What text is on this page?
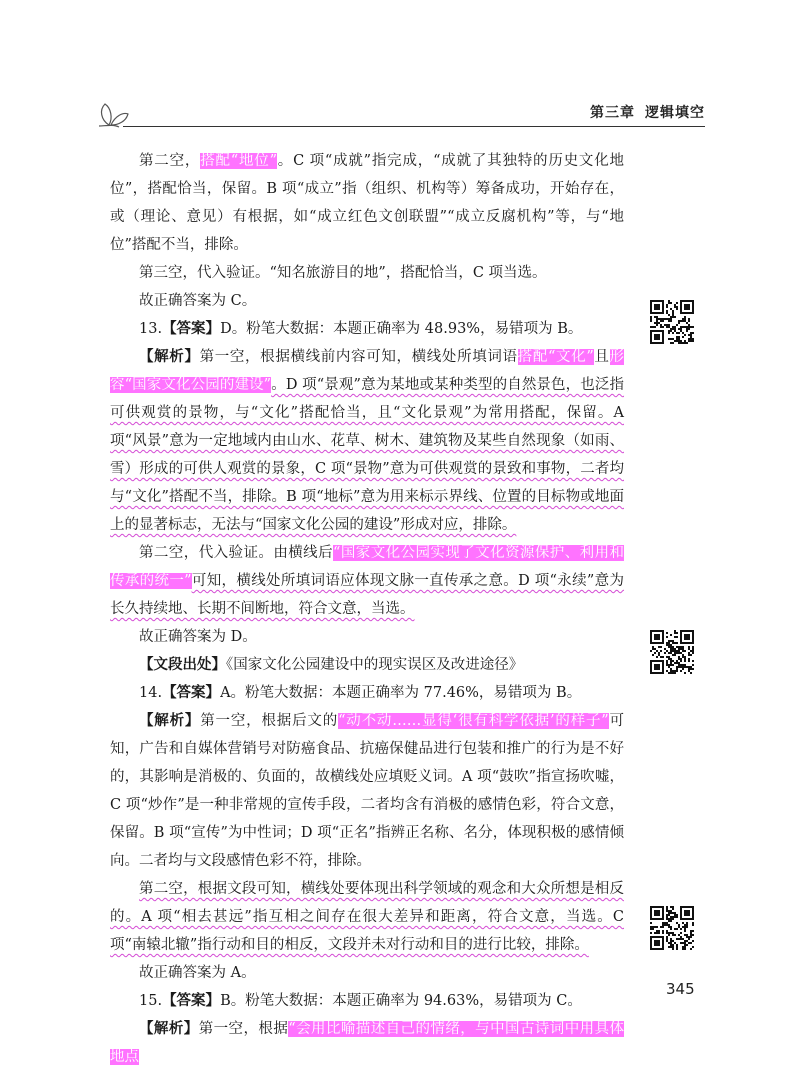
第三章 逻辑填空

第二空，搭配“地位”。C 项“成就”指完成，“成就了其独特的历史文化地位”，搭配恰当，保留。B 项“成立”指（组织、机构等）筹备成功，开始存在，或（理论、意见）有根据，如“成立红色文创联盟”“成立反腐机构”等，与“地位”搭配不当，排除。

第三空，代入验证。“知名旅游目的地”，搭配恰当，C 项当选。

故正确答案为 C。

13.【答案】D。粉笔大数据：本题正确率为 48.93%，易错项为 B。

【解析】第一空，根据横线前内容可知，横线处所填词语搭配“文化”且形容“国家文化公园的建设”。D 项“景观”意为某地或某种类型的自然景色，也泛指可供观赏的景物，与“文化”搭配恰当，且“文化景观”为常用搭配，保留。A 项“风景”意为一定地域内由山水、花草、树木、建筑物及某些自然现象（如雨、雪）形成的可供人观赏的景象，C 项“景物”意为可供观赏的景致和事物，二者均与“文化”搭配不当，排除。B 项“地标”意为用来标示界线、位置的目标物或地面上的显著标志，无法与“国家文化公园的建设”形成对应，排除。

第二空，代入验证。由横线后“国家文化公园实现了文化资源保护、利用和传承的统一”可知，横线处所填词语应体现文脉一直传承之意。D 项“永续”意为长久持续地、长期不间断地，符合文意，当选。

故正确答案为 D。

【文段出处】《国家文化公园建设中的现实误区及改进途径》

14.【答案】A。粉笔大数据：本题正确率为 77.46%，易错项为 B。

【解析】第一空，根据后文的“动不动……显得‘很有科学依据’的样子”可知，广告和自媒体营销号对防癌食品、抗癌保健品进行包装和推广的行为是不好的，其影响是消极的、负面的，故横线处应填贬义词。A 项“鼓吹”指宣扬吹嘘，C 项“炒作”是一种非常规的宣传手段，二者均含有消极的感情色彩，符合文意，保留。B 项“宣传”为中性词；D 项“正名”指辨正名称、名分，体现积极的感情倾向。二者均与文段感情色彩不符，排除。

第二空，根据文段可知，横线处要体现出科学领域的观念和大众所想是相反的。A 项“相去甚远”指互相之间存在很大差异和距离，符合文意，当选。C 项“南辕北辙”指行动和目的相反，文段并未对行动和目的进行比较，排除。

故正确答案为 A。

15.【答案】B。粉笔大数据：本题正确率为 94.63%，易错项为 C。

【解析】第一空，根据“会用比喻描述自己的情绪，与中国古诗词中用具体地点

345
